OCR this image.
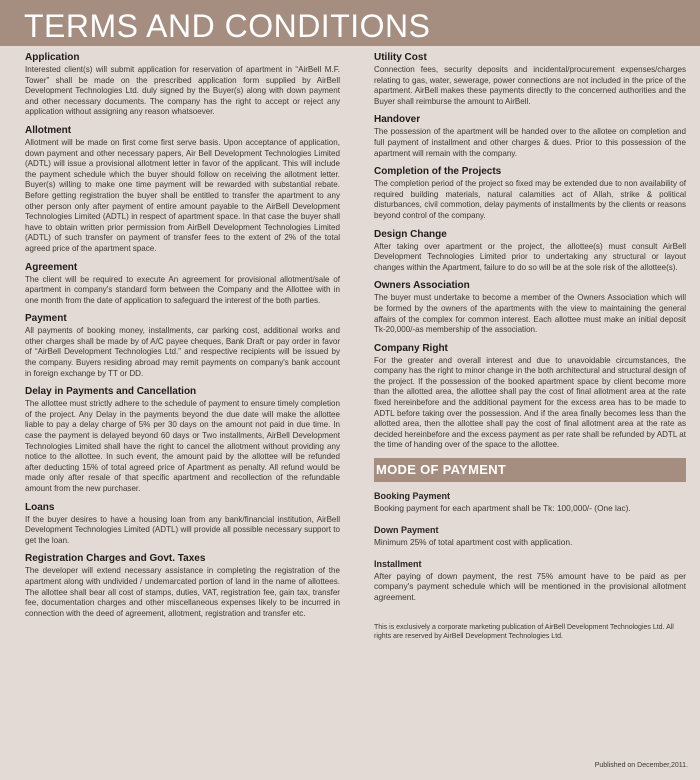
TERMS AND CONDITIONS
Application

Interested client(s) will submit application for reservation of apartment in “AirBell M.F. Tower” shall be made on the prescribed application form supplied by AirBell Development Technologies Ltd. duly signed by the Buyer(s) along with down payment and other necessary documents. The company has the right to accept or reject any application without assigning any reason whatsoever.

Allotment

Allotment will be made on first come first serve basis. Upon acceptance of application, down payment and other necessary papers, Air Bell Development Technologies Limited (ADTL) will issue a provisional allotment letter in favor of the applicant. This will include the payment schedule which the buyer should follow on receiving the allotment letter. Buyer(s) willing to make one time payment will be rewarded with substantial rebate. Before getting registration the buyer shall be entitled to transfer the apartment to any other person only after payment of entire amount payable to the AirBell Development Technologies Limited (ADTL) in respect of apartment space. In that case the buyer shall have to obtain written prior permission from AirBell Development Technologies Limited (ADTL) of such transfer on payment of transfer fees to the extent of 2% of the total agreed price of the apartment space.

Agreement

The client will be required to execute An agreement for provisional allotment/sale of apartment in company's standard form between the Company and the Allottee with in one month from the date of application to safeguard the interest of the both parties.

Payment

All payments of booking money, installments, car parking cost, additional works and other charges shall be made by of A/C payee cheques, Bank Draft or pay order in favor of “AirBell Development Technologies Ltd.” and respective recipients will be issued by the company. Buyers residing abroad may remit payments on company's bank account in foreign exchange by TT or DD.

Delay in Payments and Cancellation

The allottee must strictly adhere to the schedule of payment to ensure timely completion of the project. Any Delay in the payments beyond the due date will make the allottee liable to pay a delay charge of 5% per 30 days on the amount not paid in due time. In case the payment is delayed beyond 60 days or Two installments, AirBell Development Technologies Limited shall have the right to cancel the allotment without providing any notice to the allottee. In such event, the amount paid by the allottee will be refunded after deducting 15% of total agreed price of Apartment as penalty. All refund would be made only after resale of that specific apartment and recollection of the refundable amount from the new purchaser.

Loans

If the buyer desires to have a housing loan from any bank/financial institution, AirBell Development Technologies Limited (ADTL) will provide all possible necessary support to get the loan.

Registration Charges and Govt. Taxes

The developer will extend necessary assistance in completing the registration of the apartment along with undivided / undemarcated portion of land in the name of allottees. The allottee shall bear all cost of stamps, duties, VAT, registration fee, gain tax, transfer fee, documentation charges and other miscellaneous expenses likely to be incurred in connection with the deed of agreement, allotment, registration and transfer etc.

Utility Cost

Connection fees, security deposits and incidental/procurement expenses/charges relating to gas, water, sewerage, power connections are not included in the price of the apartment. AirBell makes these payments directly to the concerned authorities and the Buyer shall reimburse the amount to AirBell.

Handover

The possession of the apartment will be handed over to the allotee on completion and full payment of installment and other charges & dues. Prior to this possession of the apartment will remain with the company.

Completion of the Projects

The completion period of the project so fixed may be extended due to non availability of required building materials, natural calamities act of Allah, strike & political disturbances, civil commotion, delay payments of installments by the clients or reasons beyond control of the company.

Design Change

After taking over apartment or the project, the allottee(s) must consult AirBell Development Technologies Limited prior to undertaking any structural or layout changes within the Apartment, failure to do so will be at the sole risk of the allottee(s).

Owners Association

The buyer must undertake to become a member of the Owners Association which will be formed by the owners of the apartments with the view to maintaining the general affairs of the complex for common interest. Each allottee must make an initial deposit Tk-20,000/-as membership of the association.

Company Right

For the greater and overall interest and due to unavoidable circumstances, the company has the right to minor change in the both architectural and structural design of the project. If the possession of the booked apartment space by client become more than the allotted area, the allottee shall pay the cost of final allotment area at the rate fixed hereinbefore and the additional payment for the excess area has to be made to ADTL before taking over the possession. And if the area finally becomes less than the allotted area, then the allottee shall pay the cost of final allotment area at the rate as decided hereinbefore and the excess payment as per rate shall be refunded by ADTL at the time of handing over of the space to the allottee.

MODE OF PAYMENT
Booking Payment

Booking payment for each apartment shall be Tk: 100,000/- (One lac).

Down Payment

Minimum 25% of total apartment cost with application.

Installment

After paying of down payment, the rest 75% amount have to be paid as per company's payment schedule which will be mentioned in the provisional allotment agreement.

This is exclusively a corporate marketing publication of AirBell Development Technologies Ltd. All rights are reserved by AirBell Development Technologies Ltd.
Published on December,2011.
